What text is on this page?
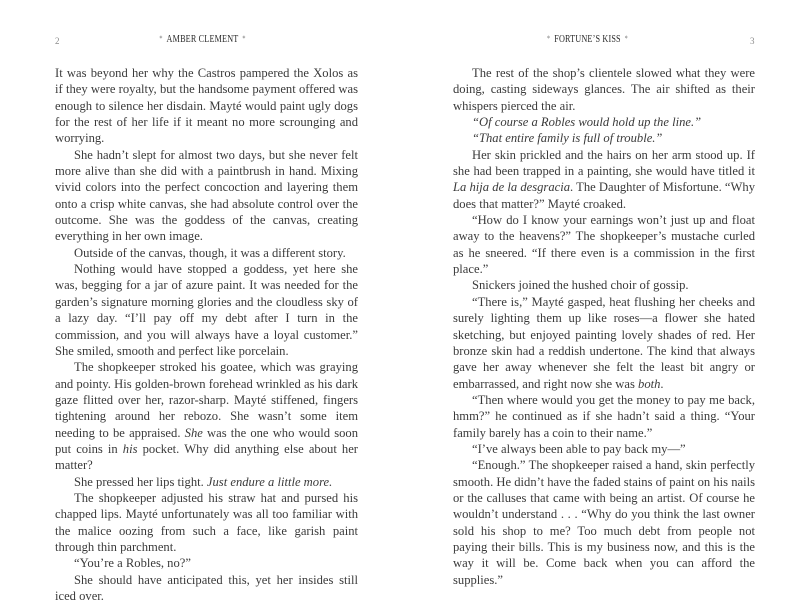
2	* AMBER CLEMENT *

It was beyond her why the Castros pampered the Xolos as if they were royalty, but the handsome payment offered was enough to silence her disdain. Mayté would paint ugly dogs for the rest of her life if it meant no more scrounging and worrying.

She hadn’t slept for almost two days, but she never felt more alive than she did with a paintbrush in hand. Mixing vivid colors into the perfect concoction and layering them onto a crisp white canvas, she had absolute control over the outcome. She was the goddess of the canvas, creating everything in her own image.

Outside of the canvas, though, it was a different story.

Nothing would have stopped a goddess, yet here she was, begging for a jar of azure paint. It was needed for the garden’s signature morning glories and the cloudless sky of a lazy day. “I’ll pay off my debt after I turn in the commission, and you will always have a loyal customer.” She smiled, smooth and perfect like porcelain.

The shopkeeper stroked his goatee, which was graying and pointy. His golden-brown forehead wrinkled as his dark gaze flitted over her, razor-sharp. Mayté stiffened, fingers tightening around her rebozo. She wasn’t some item needing to be appraised. She was the one who would soon put coins in his pocket. Why did anything else about her matter?

She pressed her lips tight. Just endure a little more.

The shopkeeper adjusted his straw hat and pursed his chapped lips. Mayté unfortunately was all too familiar with the malice oozing from such a face, like garish paint through thin parchment.

“You’re a Robles, no?”

She should have anticipated this, yet her insides still iced over.

* FORTUNE’S KISS *	3

The rest of the shop’s clientele slowed what they were doing, casting sideways glances. The air shifted as their whispers pierced the air.

“Of course a Robles would hold up the line.”

“That entire family is full of trouble.”

Her skin prickled and the hairs on her arm stood up. If she had been trapped in a painting, she would have titled it La hija de la desgracia. The Daughter of Misfortune. “Why does that matter?” Mayté croaked.

“How do I know your earnings won’t just up and float away to the heavens?” The shopkeeper’s mustache curled as he sneered. “If there even is a commission in the first place.”

Snickers joined the hushed choir of gossip.

“There is,” Mayté gasped, heat flushing her cheeks and surely lighting them up like roses—a flower she hated sketching, but enjoyed painting lovely shades of red. Her bronze skin had a reddish undertone. The kind that always gave her away whenever she felt the least bit angry or embarrassed, and right now she was both.

“Then where would you get the money to pay me back, hmm?” he continued as if she hadn’t said a thing. “Your family barely has a coin to their name.”

“I’ve always been able to pay back my—”

“Enough.” The shopkeeper raised a hand, skin perfectly smooth. He didn’t have the faded stains of paint on his nails or the calluses that came with being an artist. Of course he wouldn’t understand . . . “Why do you think the last owner sold his shop to me? Too much debt from people not paying their bills. This is my business now, and this is the way it will be. Come back when you can afford the supplies.”
